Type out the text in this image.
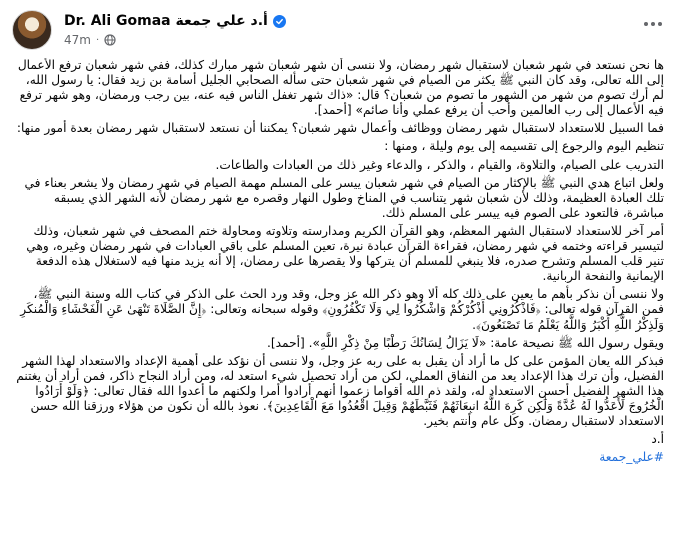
Dr. Ali Gomaa أ.د علي جمعة
47m ·

ها نحن نستعد في شهر شعبان لاستقبال شهر رمضان، ولا ننسى أن شهر شعبان شهر مبارك كذلك، ففي شهر شعبان ترفع الأعمال إلى الله تعالى، وقد كان النبي ﷺ يكثر من الصيام في شهر شعبان حتى سأله الصحابي الجليل أسامة بن زيد فقال: يا رسول الله، لم أرك تصوم من شهر من الشهور ما تصوم من شعبان؟ قال: «ذاك شهر تغفل الناس فيه عنه، بين رجب ورمضان، وهو شهر ترفع فيه الأعمال إلى رب العالمين وأحب أن يرفع عملي وأنا صائم» [أحمد].

فما السبيل للاستعداد لاستقبال شهر رمضان ووظائف وأعمال شهر شعبان؟ يمكننا أن نستعد لاستقبال شهر رمضان بعدة أمور منها:

تنظيم اليوم والرجوع إلى تقسيمه إلى يوم وليلة ، ومنها :

التدريب على الصيام، والتلاوة، والقيام ، والذكر ، والدعاء وغير ذلك من العبادات والطاعات.

ولعل اتباع هدي النبي ﷺ بالإكثار من الصيام في شهر شعبان ييسر على المسلم مهمة الصيام في شهر رمضان ولا يشعر بعناء في تلك العبادة العظيمة، وذلك لأن شعبان شهر يتناسب في المناخ وطول النهار وقصره مع شهر رمضان لأنه الشهر الذي يسبقه مباشرة، فالتعود على الصوم فيه ييسر على المسلم ذلك.

أمر آخر للاستعداد لاستقبال الشهر المعظم، وهو القرآن الكريم ومدارسته وتلاوته ومحاولة ختم المصحف في شهر شعبان، وذلك لتيسير قراءته وختمه في شهر رمضان، فقراءة القرآن عبادة نيرة، تعين المسلم على باقي العبادات في شهر رمضان وغيره، وهي تنير قلب المسلم وتشرح صدره، فلا ينبغي للمسلم أن يتركها ولا يقصرها على رمضان، إلا أنه يزيد منها فيه لاستغلال هذه الدفعة الإيمانية والنفحة الربانية.

ولا ننسى أن نذكر بأهم ما يعين على ذلك كله ألا وهو ذكر الله عز وجل، وقد ورد الحث على الذكر في كتاب الله وسنة النبي ﷺ، فمن القرآن قوله تعالى: ﴿فَاذْكُرُونِي أَذْكُرْكُمْ وَاشْكُرُوا لِي وَلَا تَكْفُرُونِ﴾ وقوله سبحانه وتعالى: ﴿إِنَّ الصَّلَاةَ تَنْهَىٰ عَنِ الْفَحْشَاءِ وَالْمُنكَرِ وَلَذِكْرُ اللَّهِ أَكْبَرُ وَاللَّهُ يَعْلَمُ مَا تَصْنَعُونَ﴾.

ويقول رسول الله ﷺ نصيحة عامة: «لَا يَزَالُ لِسَانُكَ رَطْبًا مِنْ ذِكْرِ اللَّهِ». [أحمد].

فبذكر الله يعان المؤمن على كل ما أراد أن يقبل به على ربه عز وجل، ولا ننسى أن نؤكد على أهمية الإعداد والاستعداد لهذا الشهر الفضيل، وأن ترك هذا الإعداد يعد من النفاق العملي، لكن من أراد تحصيل شيء استعد له، ومن أراد النجاح ذاكر، فمن أراد أن يغتنم هذا الشهر الفضيل أحسن الاستعداد له، ولقد ذم الله أقواما زعموا أنهم أرادوا أمرا ولكنهم ما أعدوا الله فقال تعالى: ﴿وَلَوْ أَرَادُوا الْخُرُوجَ لَأَعَدُّوا لَهُ عُدَّةً وَلَٰكِن كَرِهَ اللَّهُ انبِعَاثَهُمْ فَثَبَّطَهُمْ وَقِيلَ اقْعُدُوا مَعَ الْقَاعِدِينَ﴾. نعوذ بالله أن نكون من هؤلاء ورزقنا الله حسن الاستعداد لاستقبال رمضان. وكل عام وأنتم بخير.

أ.د

#علي_جمعة
